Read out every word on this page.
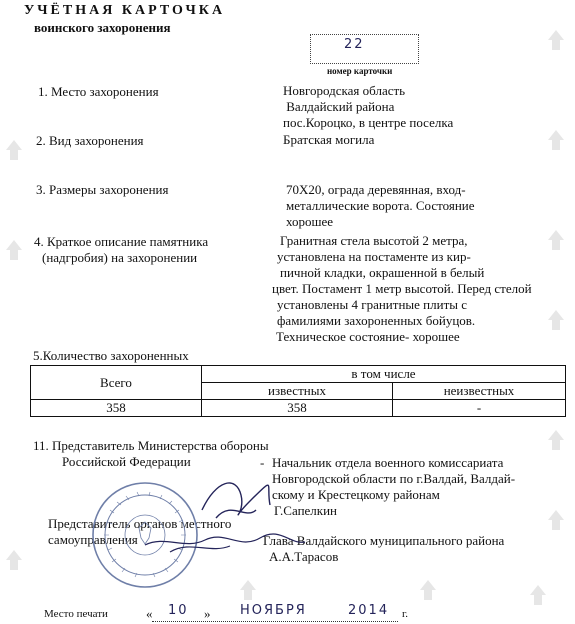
УЧЁТНАЯ КАРТОЧКА
воинского захоронения
22
номер карточки
1. Место захоронения	Новгородская область
Валдайский района
пос.Короцко, в центре поселка
2. Вид захоронения	Братская могила
3. Размеры захоронения	70Х20, ограда деревянная, вход-
металлические ворота. Состояние
хорошее
4. Краткое описание памятника
(надгробия) на захоронении
Гранитная стела высотой 2 метра,
установлена на постаменте из кир-
пичной кладки, окрашенной в белый
цвет. Постамент 1 метр высотой. Перед стелой
установлены 4 гранитные плиты с
фамилиями захороненных бойуцов.
Техническое состояние- хорошее
5.Количество захороненных
Всего	в том числе	
	известных	неизвестных
358	358	-
11. Представитель Министерства обороны
Российской Федерации	- Начальник отдела военного комиссариата
Новгородской области по г.Валдай, Валдай-
скому и Крестецкому районам
Г.Сапелкин
Представитель органов местного
самоуправления	Глава Валдайского муниципального района
А.А.Тарасов
Место печати	« 10 » НОЯБРЯ	2014 г.
